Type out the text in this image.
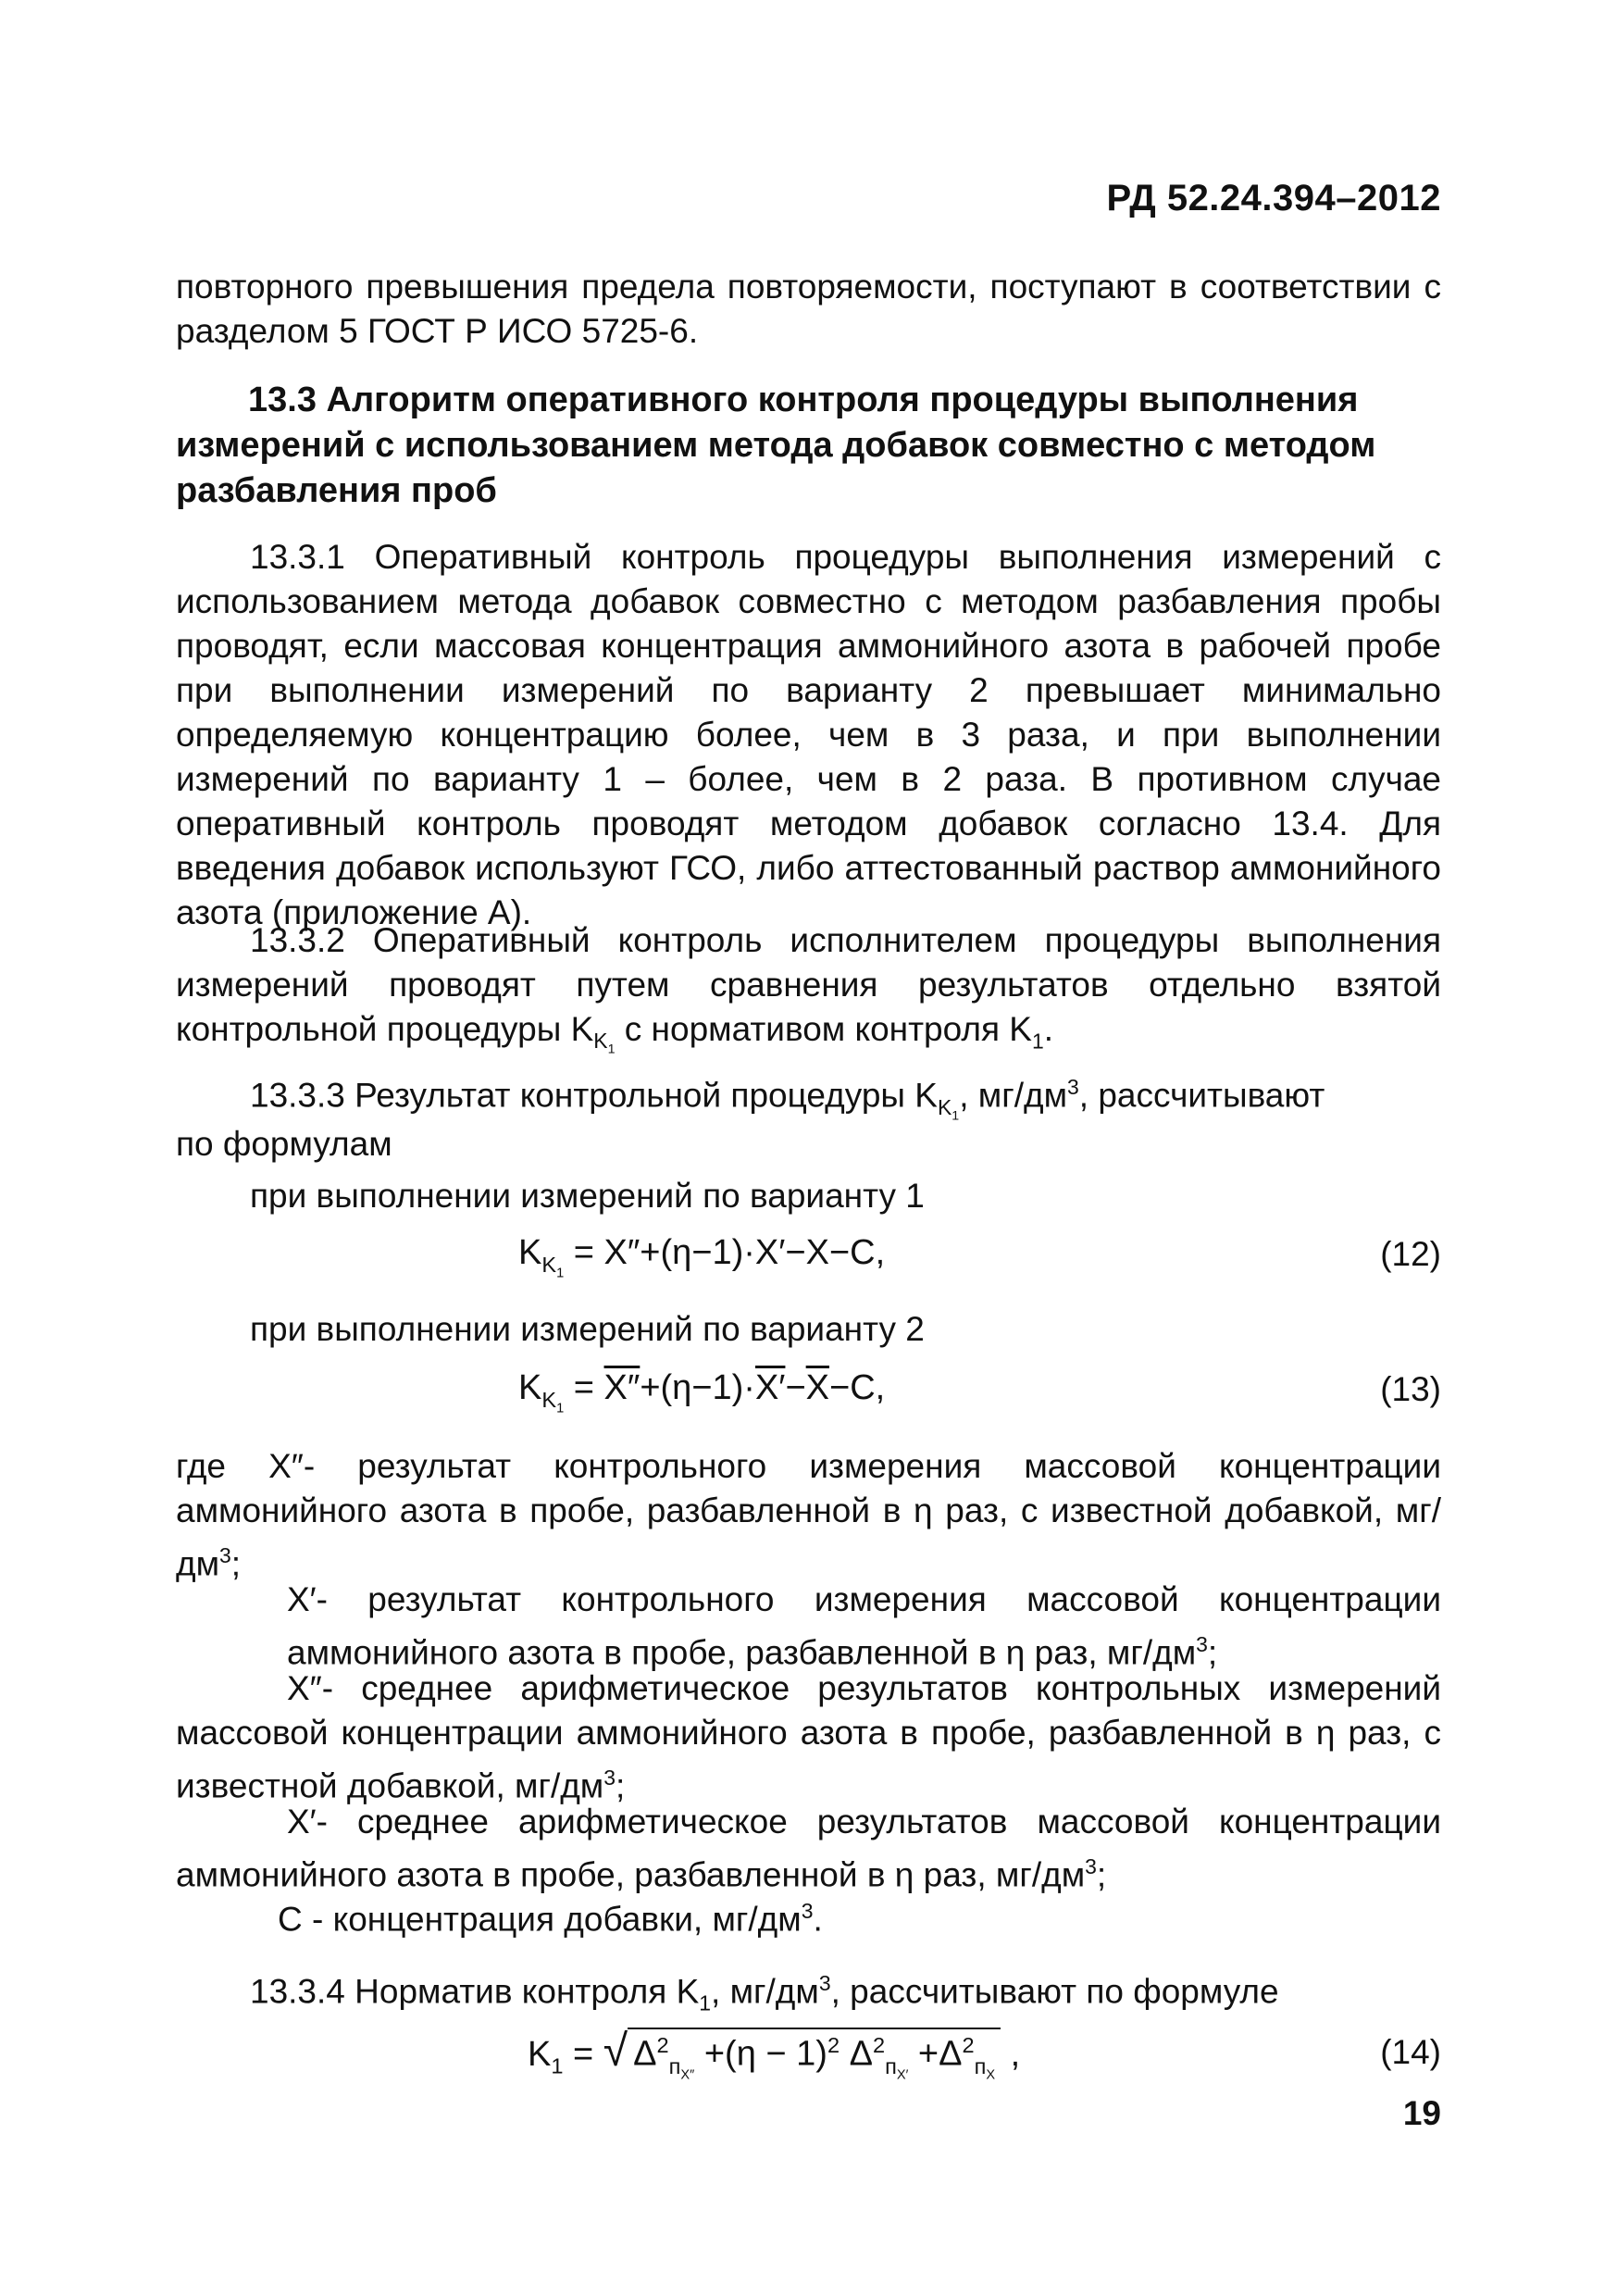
РД 52.24.394–2012
повторного превышения предела повторяемости, поступают в соответствии с разделом 5 ГОСТ Р ИСО 5725-6.
13.3 Алгоритм оперативного контроля процедуры выполнения измерений с использованием метода добавок совместно с методом разбавления проб
13.3.1 Оперативный контроль процедуры выполнения измерений с использованием метода добавок совместно с методом разбавления пробы проводят, если массовая концентрация аммонийного азота в рабочей пробе при выполнении измерений по варианту 2 превышает минимально определяемую концентрацию более, чем в 3 раза, и при выполнении измерений по варианту 1 – более, чем в 2 раза. В противном случае оперативный контроль проводят методом добавок согласно 13.4. Для введения добавок используют ГСО, либо аттестованный раствор аммонийного азота (приложение А).
13.3.2 Оперативный контроль исполнителем процедуры выполнения измерений проводят путем сравнения результатов отдельно взятой контрольной процедуры $K_{K_1}$ с нормативом контроля $K_1$.
13.3.3 Результат контрольной процедуры $K_{K_1}$, $мг/дм^3$, рассчитывают
по формулам
при выполнении измерений по варианту 1
$K_{K_1} = X''+(\eta-1)\cdot X'-X-C$,	(12)
при выполнении измерений по варианту 2
$K_{K_1} = X''+(\eta-1)\cdot X'-\overline{X}-C$,	(13)
где X″- результат контрольного измерения массовой концентрации аммонийного азота в пробе, разбавленной в η раз, с известной добавкой, $мг/дм^3$;
X′- результат контрольного измерения массовой концентрации аммонийного азота в пробе, разбавленной в η раз, $мг/дм^3$;
X″- среднее арифметическое результатов контрольных измерений массовой концентрации аммонийного азота в пробе, разбавленной в η раз, с известной добавкой, $мг/дм^3$;
X′- среднее арифметическое результатов массовой концентрации аммонийного азота в пробе, разбавленной в η раз, $мг/дм^3$;
С - концентрация добавки, $мг/дм^3$.
13.3.4 Норматив контроля $K_1$, $мг/дм^3$, рассчитывают по формуле
$K_1$ = √ $\Delta^2_{п_{X''}} +(\eta - 1)^2$ $\Delta^2_{п_{X'}} +\Delta^2_{п_X}$ ,	(14)
19
